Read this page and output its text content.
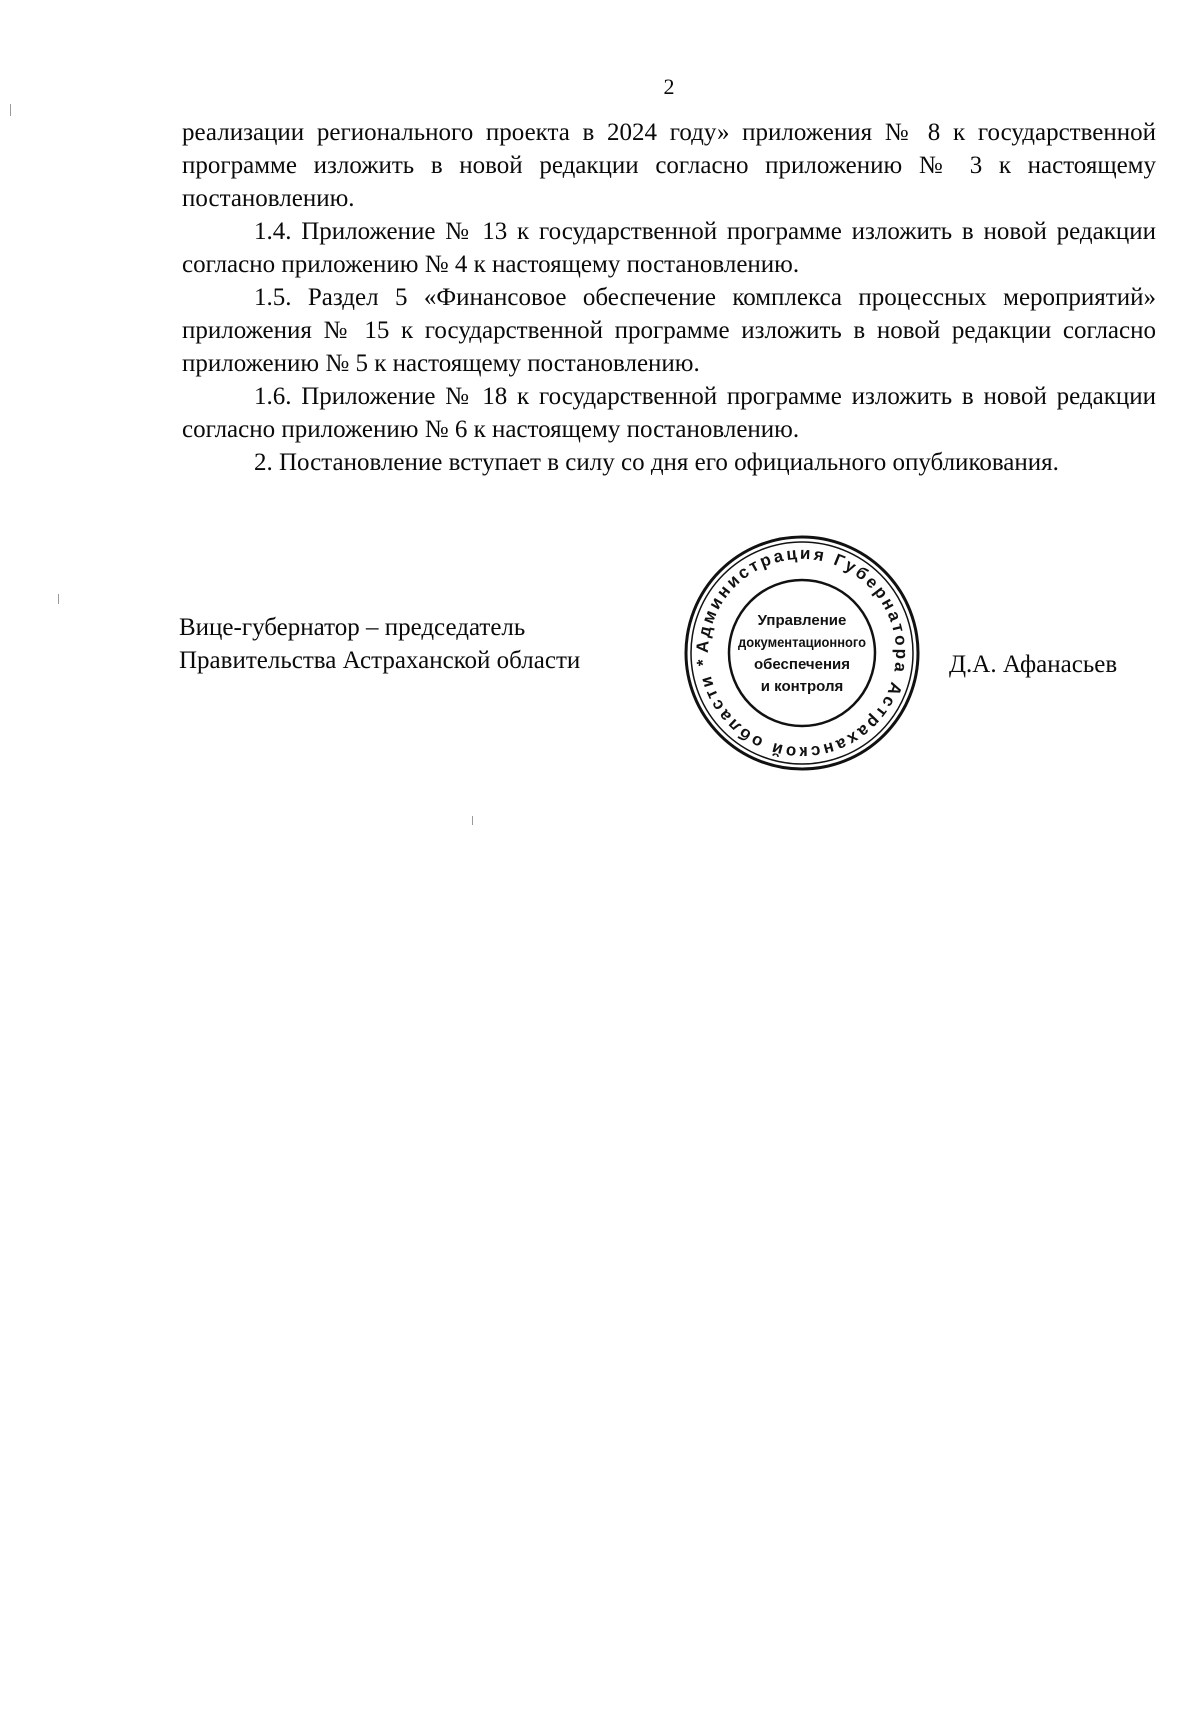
2

реализации регионального проекта в 2024 году» приложения № 8 к государственной программе изложить в новой редакции согласно приложению № 3 к настоящему постановлению.

1.4. Приложение № 13 к государственной программе изложить в новой редакции согласно приложению № 4 к настоящему постановлению.

1.5. Раздел 5 «Финансовое обеспечение комплекса процессных мероприятий» приложения № 15 к государственной программе изложить в новой редакции согласно приложению № 5 к настоящему постановлению.

1.6. Приложение № 18 к государственной программе изложить в новой редакции согласно приложению № 6 к настоящему постановлению.

2. Постановление вступает в силу со дня его официального опубликования.

Вице-губернатор – председатель
Правительства Астраханской области
Администрация Губернатора Астраханской области *
Управление
документационного
обеспечения
и контроля
Д.А. Афанасьев
